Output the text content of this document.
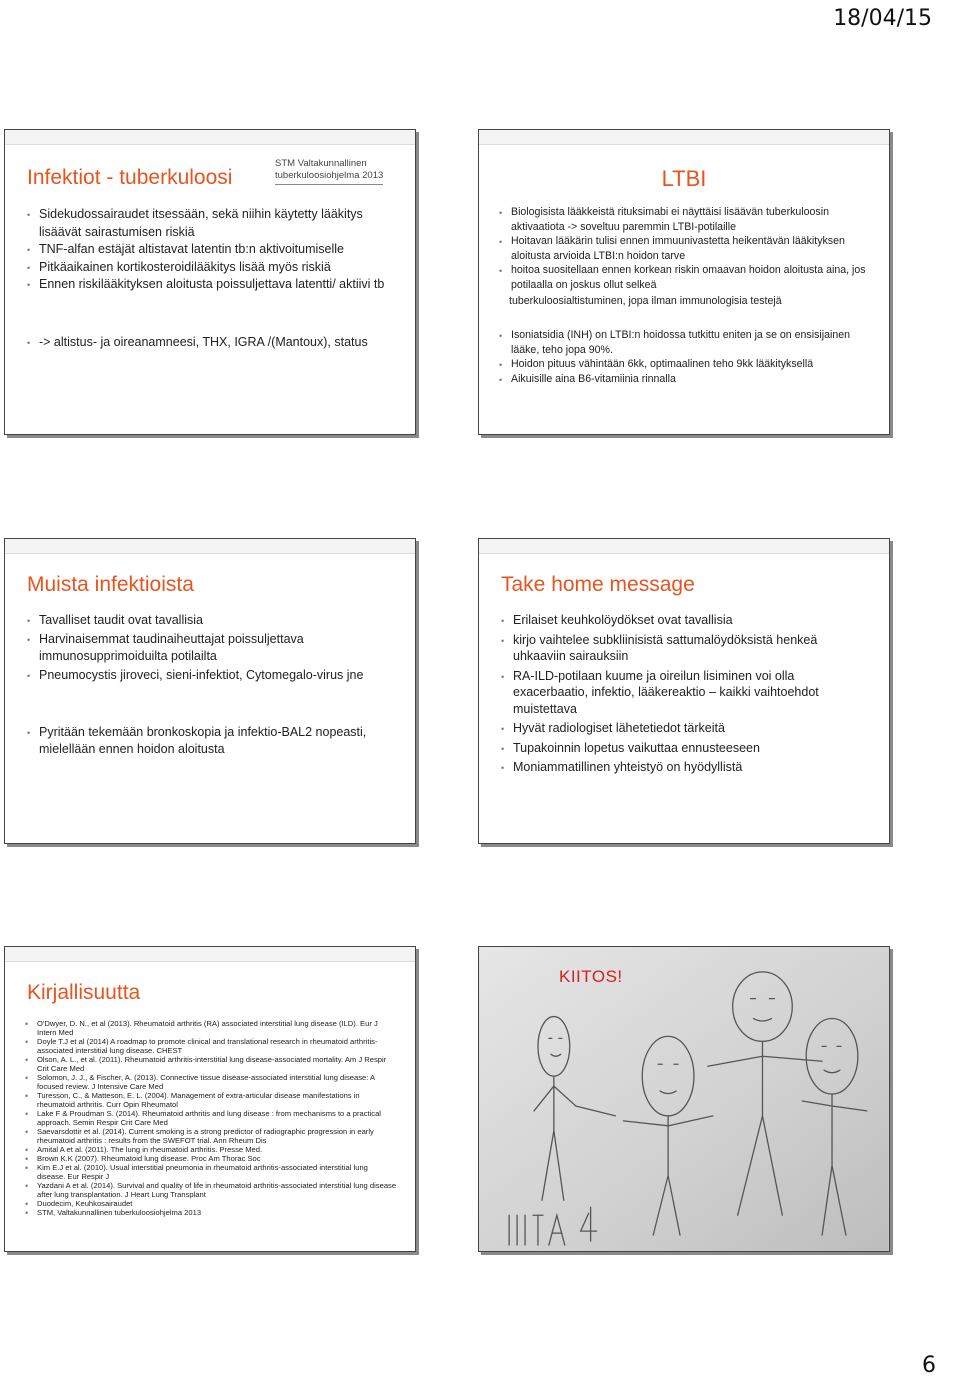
18/04/15
Infektiot - tuberkuloosi
STM Valtakunnallinen
tuberkuloosiohjelma 2013
• Sidekudossairaudet itsessään, sekä niihin käytetty lääkitys lisäävät sairastumisen riskiä
• TNF-alfan estäjät altistavat latentin tb:n aktivoitumiselle
• Pitkäaikainen kortikosteroidilääkitys lisää myös riskiä
• Ennen riskilääkityksen aloitusta poissuljettava latentti/ aktiivi tb
• -> altistus- ja oireanamneesi, THX, IGRA /(Mantoux), status
LTBI
• Biologisista lääkkeistä rituksimabi ei näyttäisi lisäävän tuberkuloosin aktivaatiota -> soveltuu paremmin LTBI-potilaille
• Hoitavan lääkärin tulisi ennen immuunivastetta heikentävän lääkityksen aloitusta arvioida LTBI:n hoidon tarve
• hoitoa suositellaan ennen korkean riskin omaavan hoidon aloitusta aina, jos potilaalla on joskus ollut selkeä
tuberkuloosialtistuminen, jopa ilman immunologisia testejä
• Isoniatsidia (INH) on LTBI:n hoidossa tutkittu eniten ja se on ensisijainen lääke, teho jopa 90%.
• Hoidon pituus vähintään 6kk, optimaalinen teho 9kk lääkityksellä
• Aikuisille aina B6-vitamiinia rinnalla
Muista infektioista
• Tavalliset taudit ovat tavallisia
• Harvinaisemmat taudinaiheuttajat poissuljettava immunosupprimoiduilta potilailta
• Pneumocystis jiroveci, sieni-infektiot, Cytomegalo-virus jne
• Pyritään tekemään bronkoskopia ja infektio-BAL2 nopeasti, mielellään ennen hoidon aloitusta
Take home message
• Erilaiset keuhkolöydökset ovat tavallisia
• kirjo vaihtelee subkliinisistä sattumalöydöksistä henkeä uhkaaviin sairauksiin
• RA-ILD-potilaan kuume ja oireilun lisiminen voi olla exacerbaatio, infektio, lääkereaktio – kaikki vaihtoehdot muistettava
• Hyvät radiologiset lähetetiedot tärkeitä
• Tupakoinnin lopetus vaikuttaa ennusteeseen
• Moniammatillinen yhteistyö on hyödyllistä
Kirjallisuutta
• O'Dwyer, D. N., et al (2013). Rheumatoid arthritis (RA) associated interstitial lung disease (ILD). Eur J Intern Med
• Doyle T.J et al (2014) A roadmap to promote clinical and translational research in rheumatoid arthritis-associated interstitial lung disease. CHEST
• Olson, A. L., et al. (2011). Rheumatoid arthritis-interstitial lung disease-associated mortality. Am J Respir Crit Care Med
• Solomon, J. J., & Fischer, A. (2013). Connective tissue disease-associated interstitial lung disease: A focused review. J Intensive Care Med
• Turesson, C., & Matteson, E. L. (2004). Management of extra-articular disease manifestations in rheumatoid arthritis. Curr Opin Rheumatol
• Lake F & Proudman S. (2014). Rheumatoid arthritis and lung disease : from mechanisms to a practical approach. Semin Respir Crit Care Med
• Saevarsdottir et al. (2014). Current smoking is a strong predictor of radiographic progression in early rheumatoid arthritis : results from the SWEFOT trial. Ann Rheum Dis
• Amital A et al. (2011). The lung in rheumatoid arthritis. Presse Med.
• Brown K.K (2007). Rheumatoid lung disease. Proc Am Thorac Soc
• Kim E.J et al. (2010). Usual interstitial pneumonia in rheumatoid arthritis-associated interstitial lung disease. Eur Respir J
• Yazdani A et al. (2014). Survival and quality of life in rheumatoid arthritis-associated interstitial lung disease after lung transplantation. J Heart Lung Transplant
• Duodecim, Keuhkosairaudet
• STM, Valtakunnallinen tuberkuloosiohjelma 2013
KIITOS!
6
